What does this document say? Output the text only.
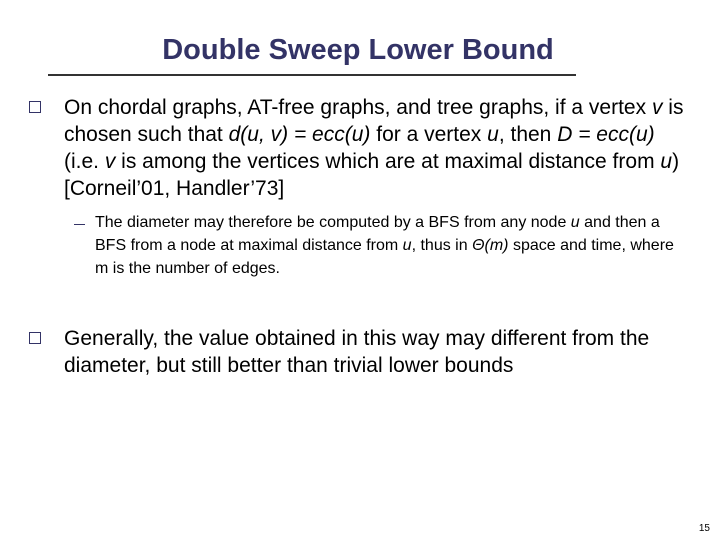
Double Sweep Lower Bound
On chordal graphs, AT-free graphs, and tree graphs, if a vertex v is chosen such that d(u, v) = ecc(u) for a vertex u, then D = ecc(u) (i.e. v is among the vertices which are at maximal distance from u) [Corneil’01, Handler’73]
The diameter may therefore be computed by a BFS from any node u and then a BFS from a node at maximal distance from u, thus in Θ(m) space and time, where m is the number of edges.
Generally, the value obtained in this way may different from the diameter, but still better than trivial lower bounds
15
